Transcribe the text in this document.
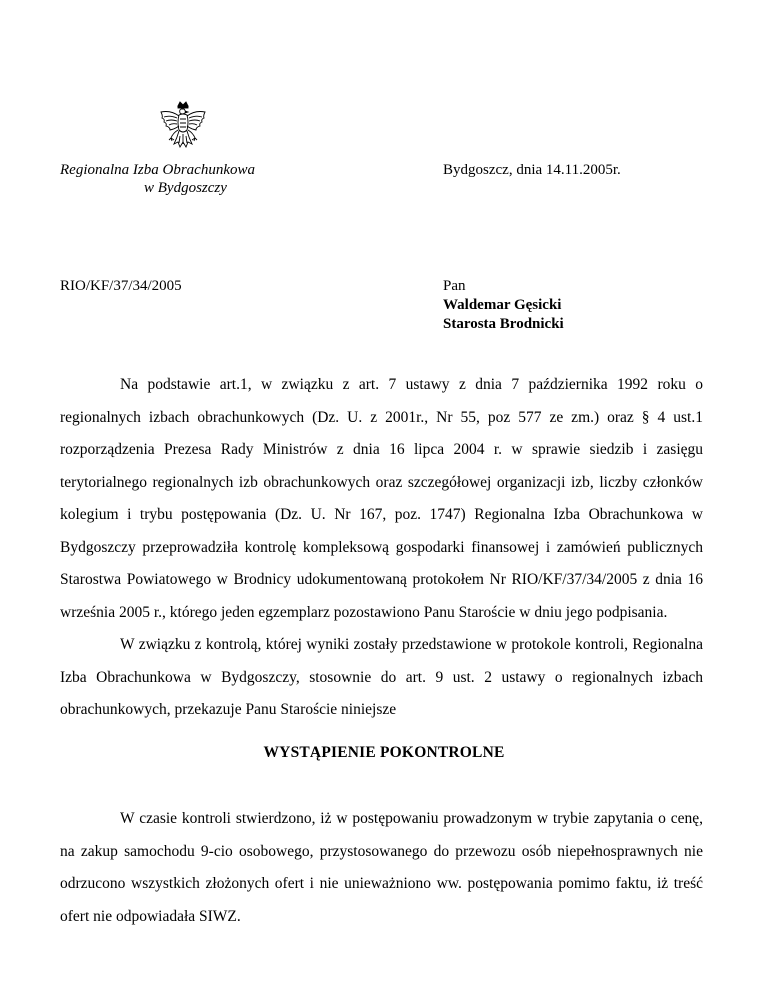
Regionalna Izba Obrachunkowa
w Bydgoszczy
Bydgoszcz, dnia 14.11.2005r.
RIO/KF/37/34/2005	Pan
Waldemar Gęsicki
Starosta Brodnicki

Na podstawie art.1, w związku z art. 7 ustawy z dnia 7 października 1992 roku o regionalnych izbach obrachunkowych (Dz. U. z 2001r., Nr 55, poz 577 ze zm.) oraz § 4 ust.1 rozporządzenia Prezesa Rady Ministrów z dnia 16 lipca 2004 r. w sprawie siedzib i zasięgu terytorialnego regionalnych izb obrachunkowych oraz szczegółowej organizacji izb, liczby członków kolegium i trybu postępowania (Dz. U. Nr 167, poz. 1747) Regionalna Izba Obrachunkowa w Bydgoszczy przeprowadziła kontrolę kompleksową gospodarki finansowej i zamówień publicznych Starostwa Powiatowego w Brodnicy udokumentowaną protokołem Nr RIO/KF/37/34/2005 z dnia 16 września 2005 r., którego jeden egzemplarz pozostawiono Panu Staroście w dniu jego podpisania.

W związku z kontrolą, której wyniki zostały przedstawione w protokole kontroli, Regionalna Izba Obrachunkowa w Bydgoszczy, stosownie do art. 9 ust. 2 ustawy o regionalnych izbach obrachunkowych, przekazuje Panu Staroście niniejsze

WYSTĄPIENIE POKONTROLNE

W czasie kontroli stwierdzono, iż w postępowaniu prowadzonym w trybie zapytania o cenę, na zakup samochodu 9-cio osobowego, przystosowanego do przewozu osób niepełnosprawnych nie odrzucono wszystkich złożonych ofert i nie unieważniono ww. postępowania pomimo faktu, iż treść ofert nie odpowiadała SIWZ.
